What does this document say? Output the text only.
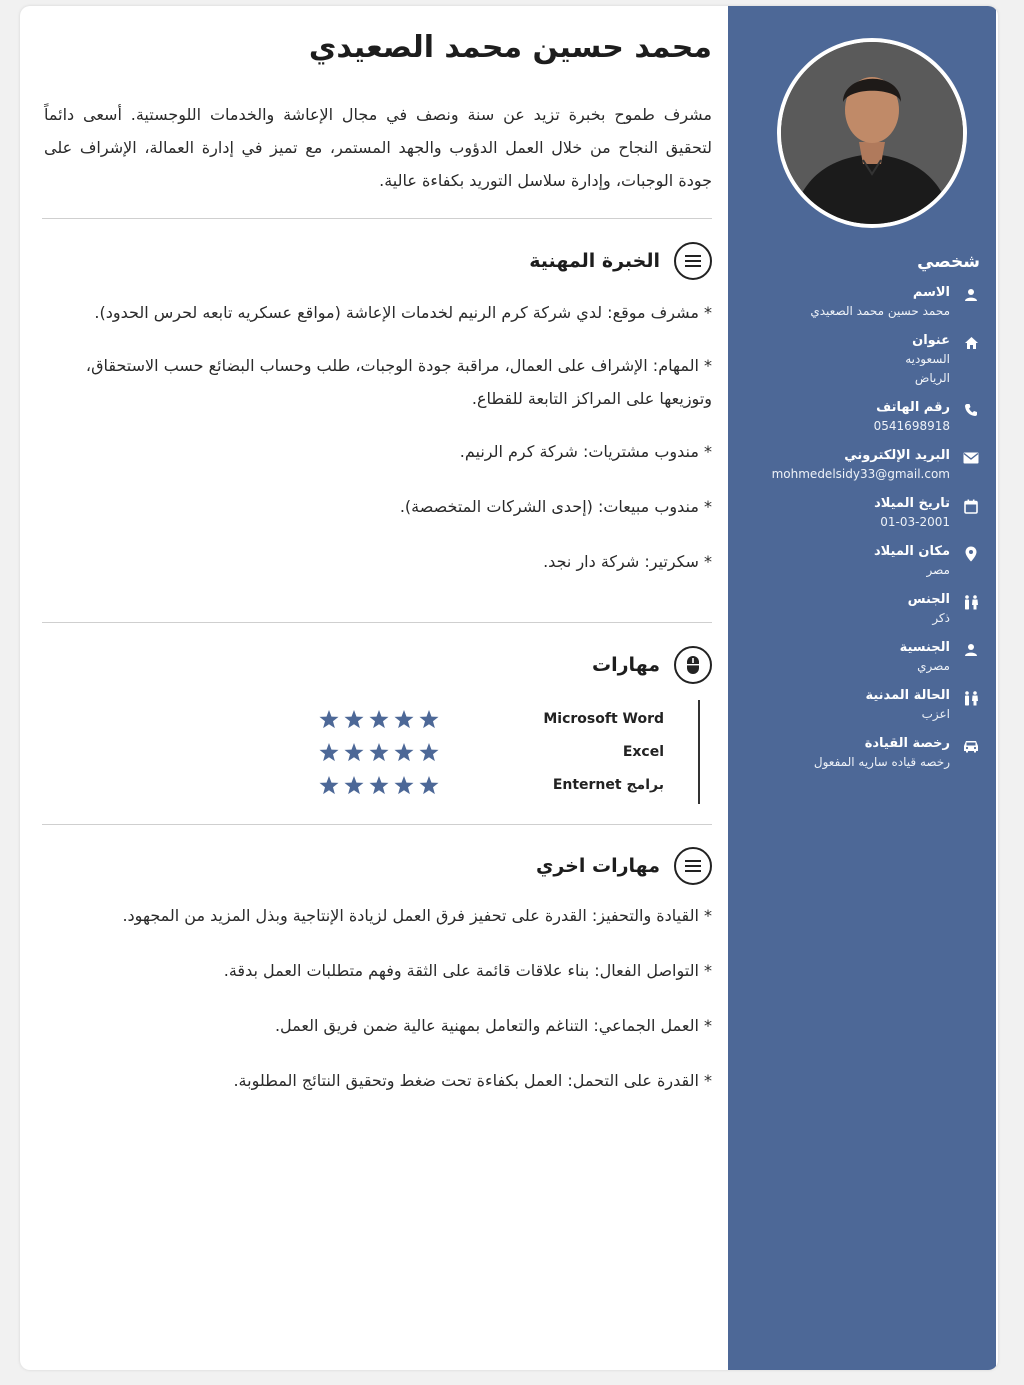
شخصي
الاسم
محمد حسين محمد الصعيدي
عنوان
السعوديه
الرياض
رقم الهاتف
0541698918
البريد الإلكتروني
mohmedelsidy33@gmail.com
تاريخ الميلاد
01-03-2001
مكان الميلاد
مصر
الجنس
ذكر
الجنسية
مصري
الحالة المدنية
اعزب
رخصة القيادة
رخصه قياده ساريه المفعول
محمد حسين محمد الصعيدي

مشرف طموح بخبرة تزيد عن سنة ونصف في مجال الإعاشة والخدمات اللوجستية. أسعى دائماً لتحقيق النجاح من خلال العمل الدؤوب والجهد المستمر، مع تميز في إدارة العمالة، الإشراف على جودة الوجبات، وإدارة سلاسل التوريد بكفاءة عالية.

الخبرة المهنية
* مشرف موقع: لدي شركة كرم الرنيم لخدمات الإعاشة (مواقع عسكريه تابعه لحرس الحدود).
* المهام: الإشراف على العمال، مراقبة جودة الوجبات، طلب وحساب البضائع حسب الاستحقاق، وتوزيعها على المراكز التابعة للقطاع.
* مندوب مشتريات: شركة كرم الرنيم.
* مندوب مبيعات: (إحدى الشركات المتخصصة).
* سكرتير: شركة دار نجد.
مهارات
Microsoft Word
Excel
برامج Enternet
مهارات اخري
* القيادة والتحفيز: القدرة على تحفيز فرق العمل لزيادة الإنتاجية وبذل المزيد من المجهود.
* التواصل الفعال: بناء علاقات قائمة على الثقة وفهم متطلبات العمل بدقة.
* العمل الجماعي: التناغم والتعامل بمهنية عالية ضمن فريق العمل.
* القدرة على التحمل: العمل بكفاءة تحت ضغط وتحقيق النتائج المطلوبة.
